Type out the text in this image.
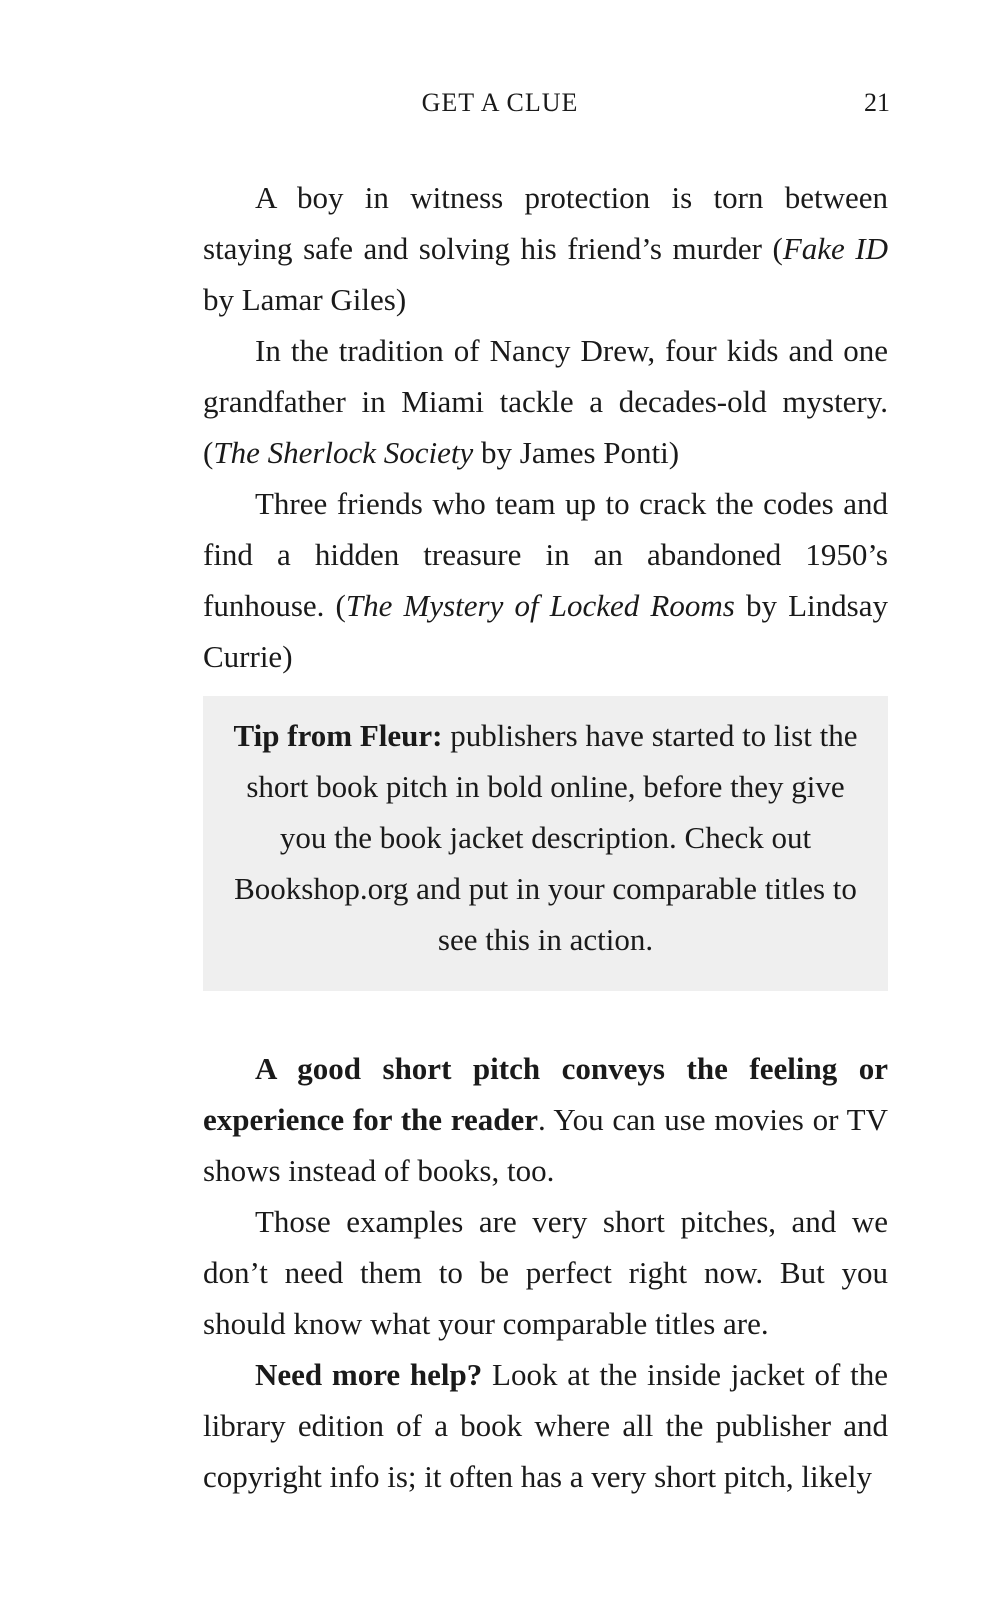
GET A CLUE	21

A boy in witness protection is torn between staying safe and solving his friend’s murder (Fake ID by Lamar Giles)

In the tradition of Nancy Drew, four kids and one grandfather in Miami tackle a decades-old mystery. (The Sherlock Society by James Ponti)

Three friends who team up to crack the codes and find a hidden treasure in an abandoned 1950’s funhouse. (The Mystery of Locked Rooms by Lindsay Currie)

Tip from Fleur: publishers have started to list the short book pitch in bold online, before they give you the book jacket description. Check out Bookshop.org and put in your comparable titles to see this in action.

A good short pitch conveys the feeling or experience for the reader. You can use movies or TV shows instead of books, too.

Those examples are very short pitches, and we don’t need them to be perfect right now. But you should know what your comparable titles are.

Need more help? Look at the inside jacket of the library edition of a book where all the publisher and copyright info is; it often has a very short pitch, likely
